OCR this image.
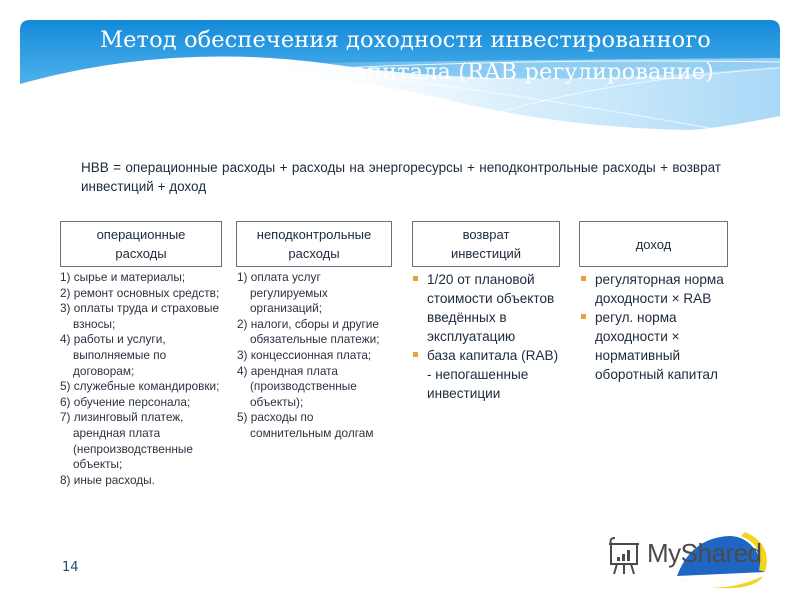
Метод обеспечения доходности инвестированного
капитала (RAB регулирование)
НВВ = операционные расходы + расходы на энергоресурсы + неподконтрольные расходы + возврат инвестиций + доход
операционные расходы
неподконтрольные расходы
возврат инвестиций
доход
1) сырье и материалы;
2) ремонт основных средств;
3) оплаты труда и страховые взносы;
4) работы и услуги, выполняемые по договорам;
5) служебные командировки;
6) обучение персонала;
7) лизинговый платеж, арендная плата (непроизводственные объекты;
8) иные расходы.
1) оплата услуг регулируемых организаций;
2) налоги, сборы и другие обязательные платежи;
3) концессионная плата;
4) арендная плата (производственные объекты);
5) расходы по сомнительным долгам
1/20 от плановой стоимости объектов введённых в эксплуатацию
база капитала (RAB) - непогашенные инвестиции
регуляторная норма доходности × RAB
регул. норма доходности × нормативный оборотный капитал
14	MyShared
